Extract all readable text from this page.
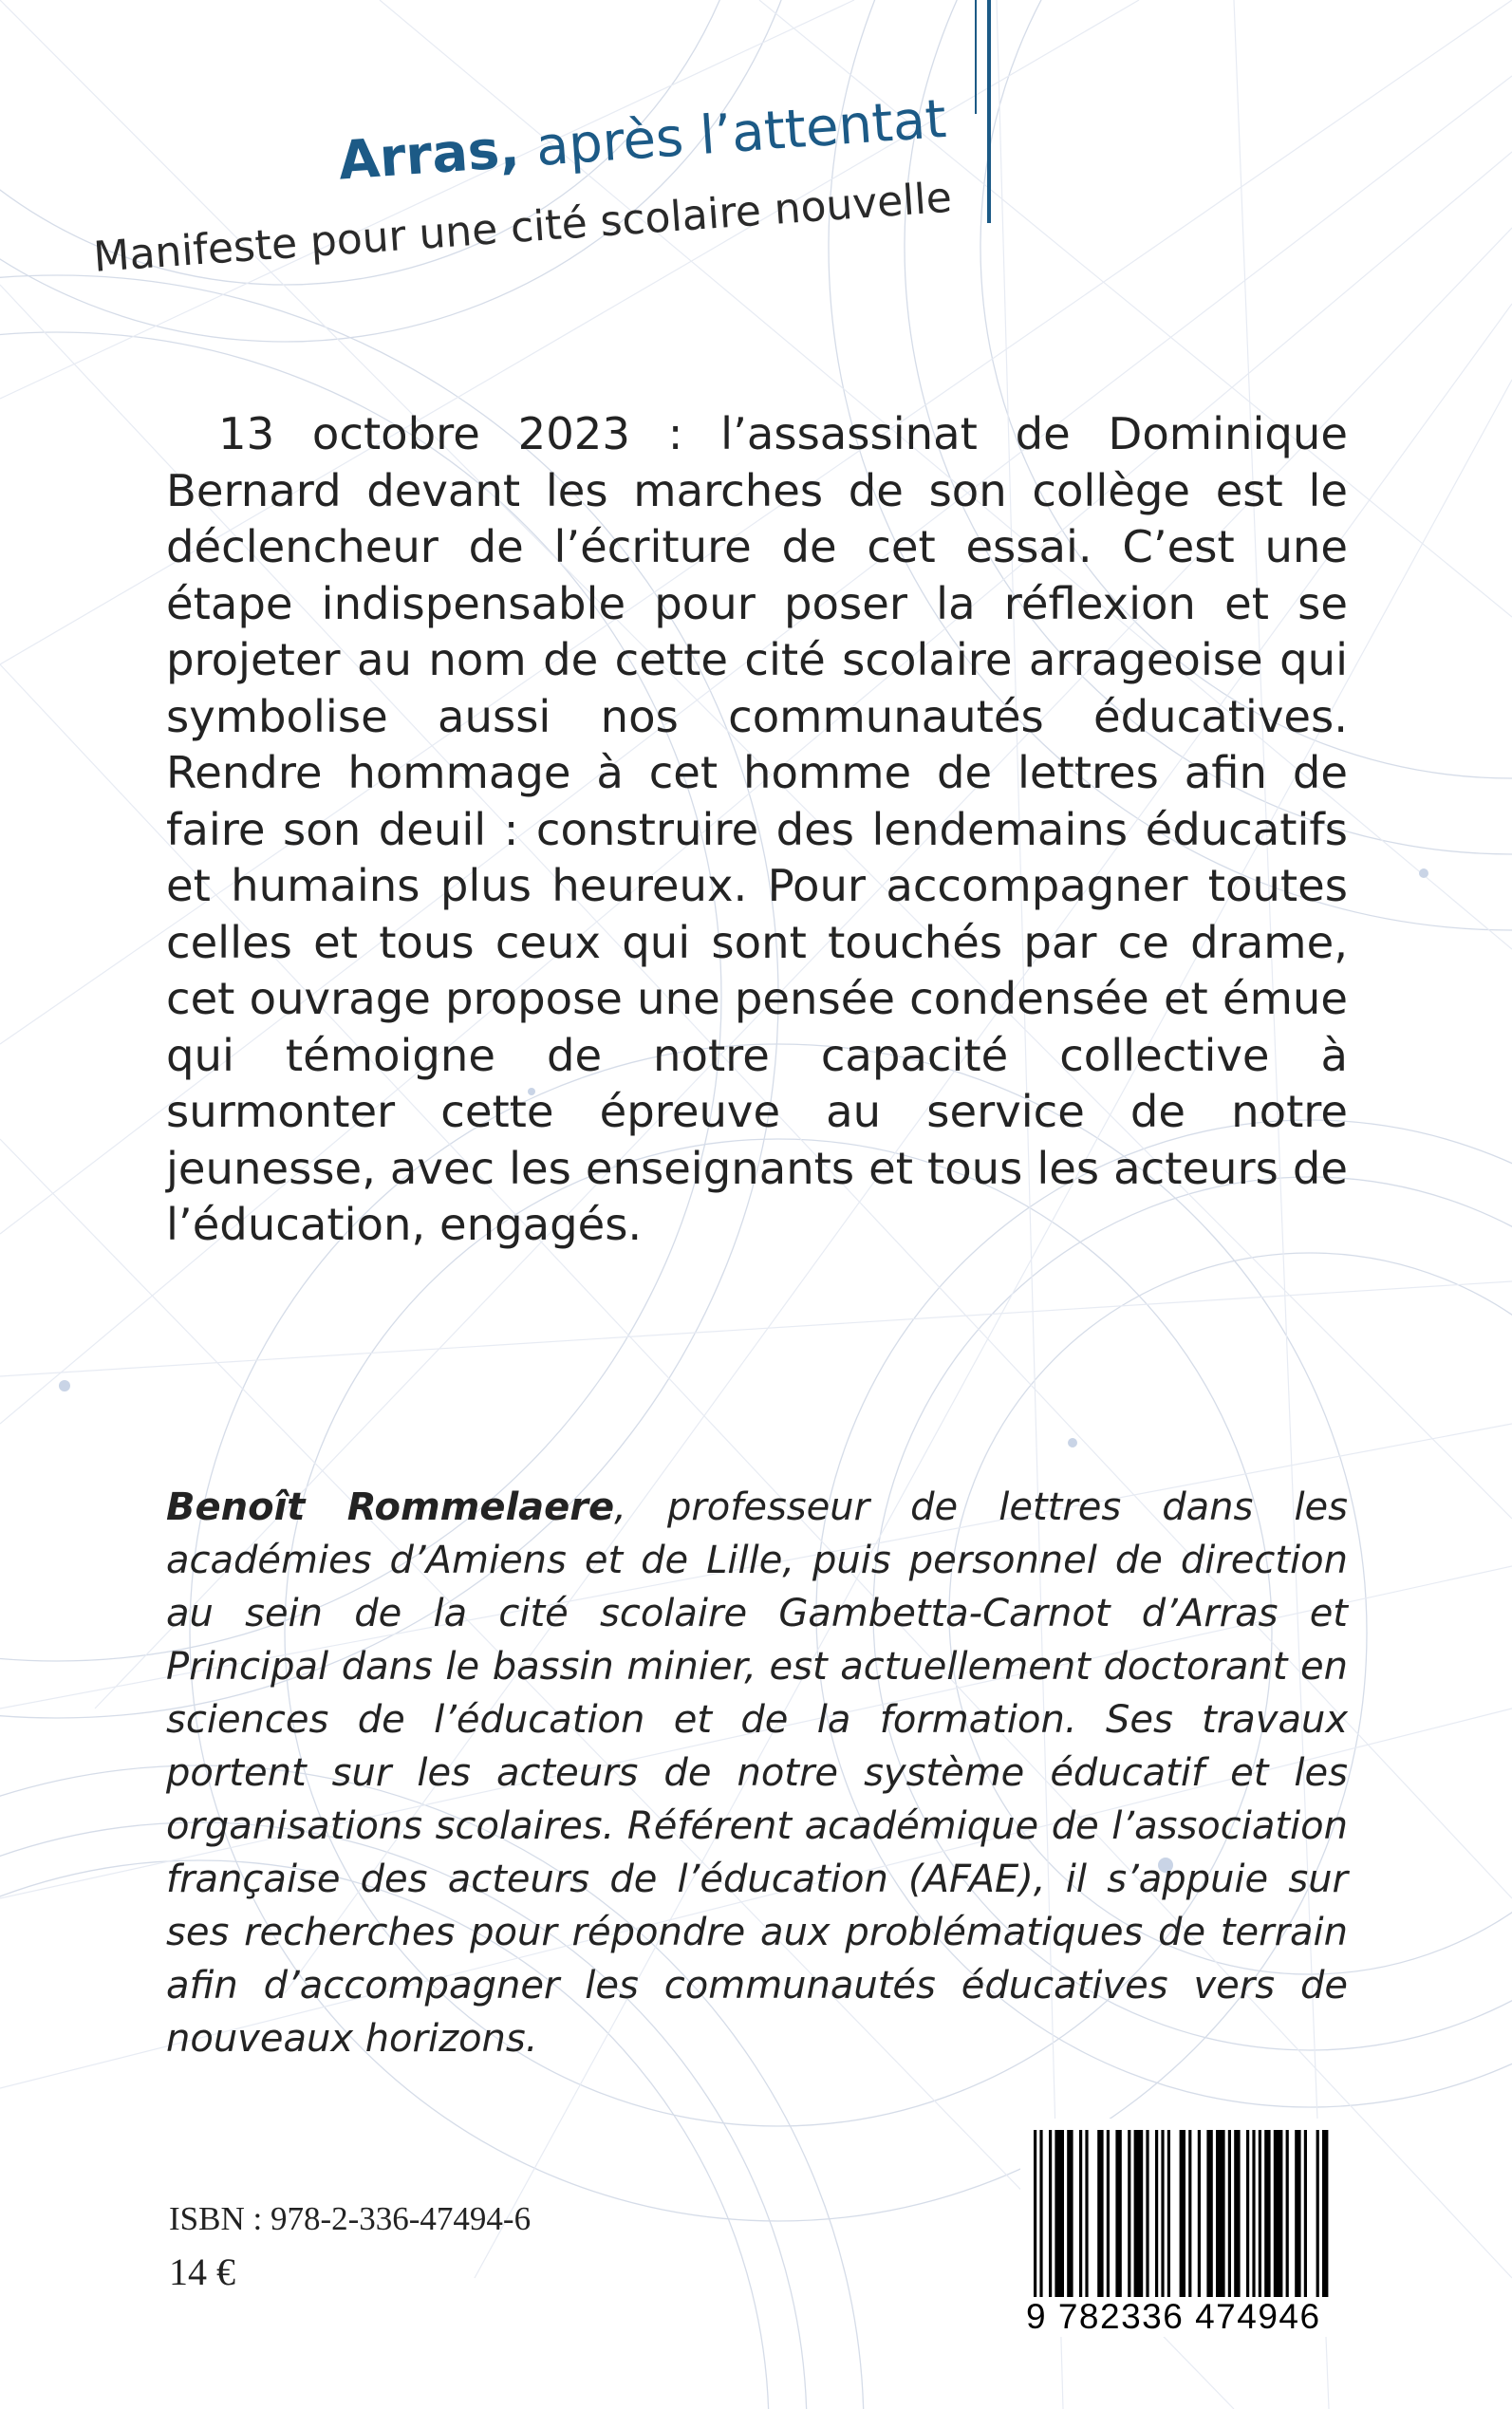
Arras, après l’attentat
Manifeste pour une cité scolaire nouvelle

13 octobre 2023 : l’assassinat de Dominique Bernard devant les marches de son collège est le déclencheur de l’écriture de cet essai. C’est une étape indispensable pour poser la réflexion et se projeter au nom de cette cité scolaire arrageoise qui symbolise aussi nos communautés éducatives. Rendre hommage à cet homme de lettres afin de faire son deuil : construire des lendemains éducatifs et humains plus heureux. Pour accompagner toutes celles et tous ceux qui sont touchés par ce drame, cet ouvrage propose une pensée condensée et émue qui témoigne de notre capacité collective à surmonter cette épreuve au service de notre jeunesse, avec les enseignants et tous les acteurs de l’éducation, engagés.

Benoît Rommelaere, professeur de lettres dans les académies d’Amiens et de Lille, puis personnel de direction au sein de la cité scolaire Gambetta-Carnot d’Arras et Principal dans le bassin minier, est actuellement doctorant en sciences de l’éducation et de la formation. Ses travaux portent sur les acteurs de notre système éducatif et les organisations scolaires. Référent académique de l’association française des acteurs de l’éducation (AFAE), il s’appuie sur ses recherches pour répondre aux problématiques de terrain afin d’accompagner les communautés éducatives vers de nouveaux horizons.

ISBN : 978-2-336-47494-6

14 €

9 782336 474946
